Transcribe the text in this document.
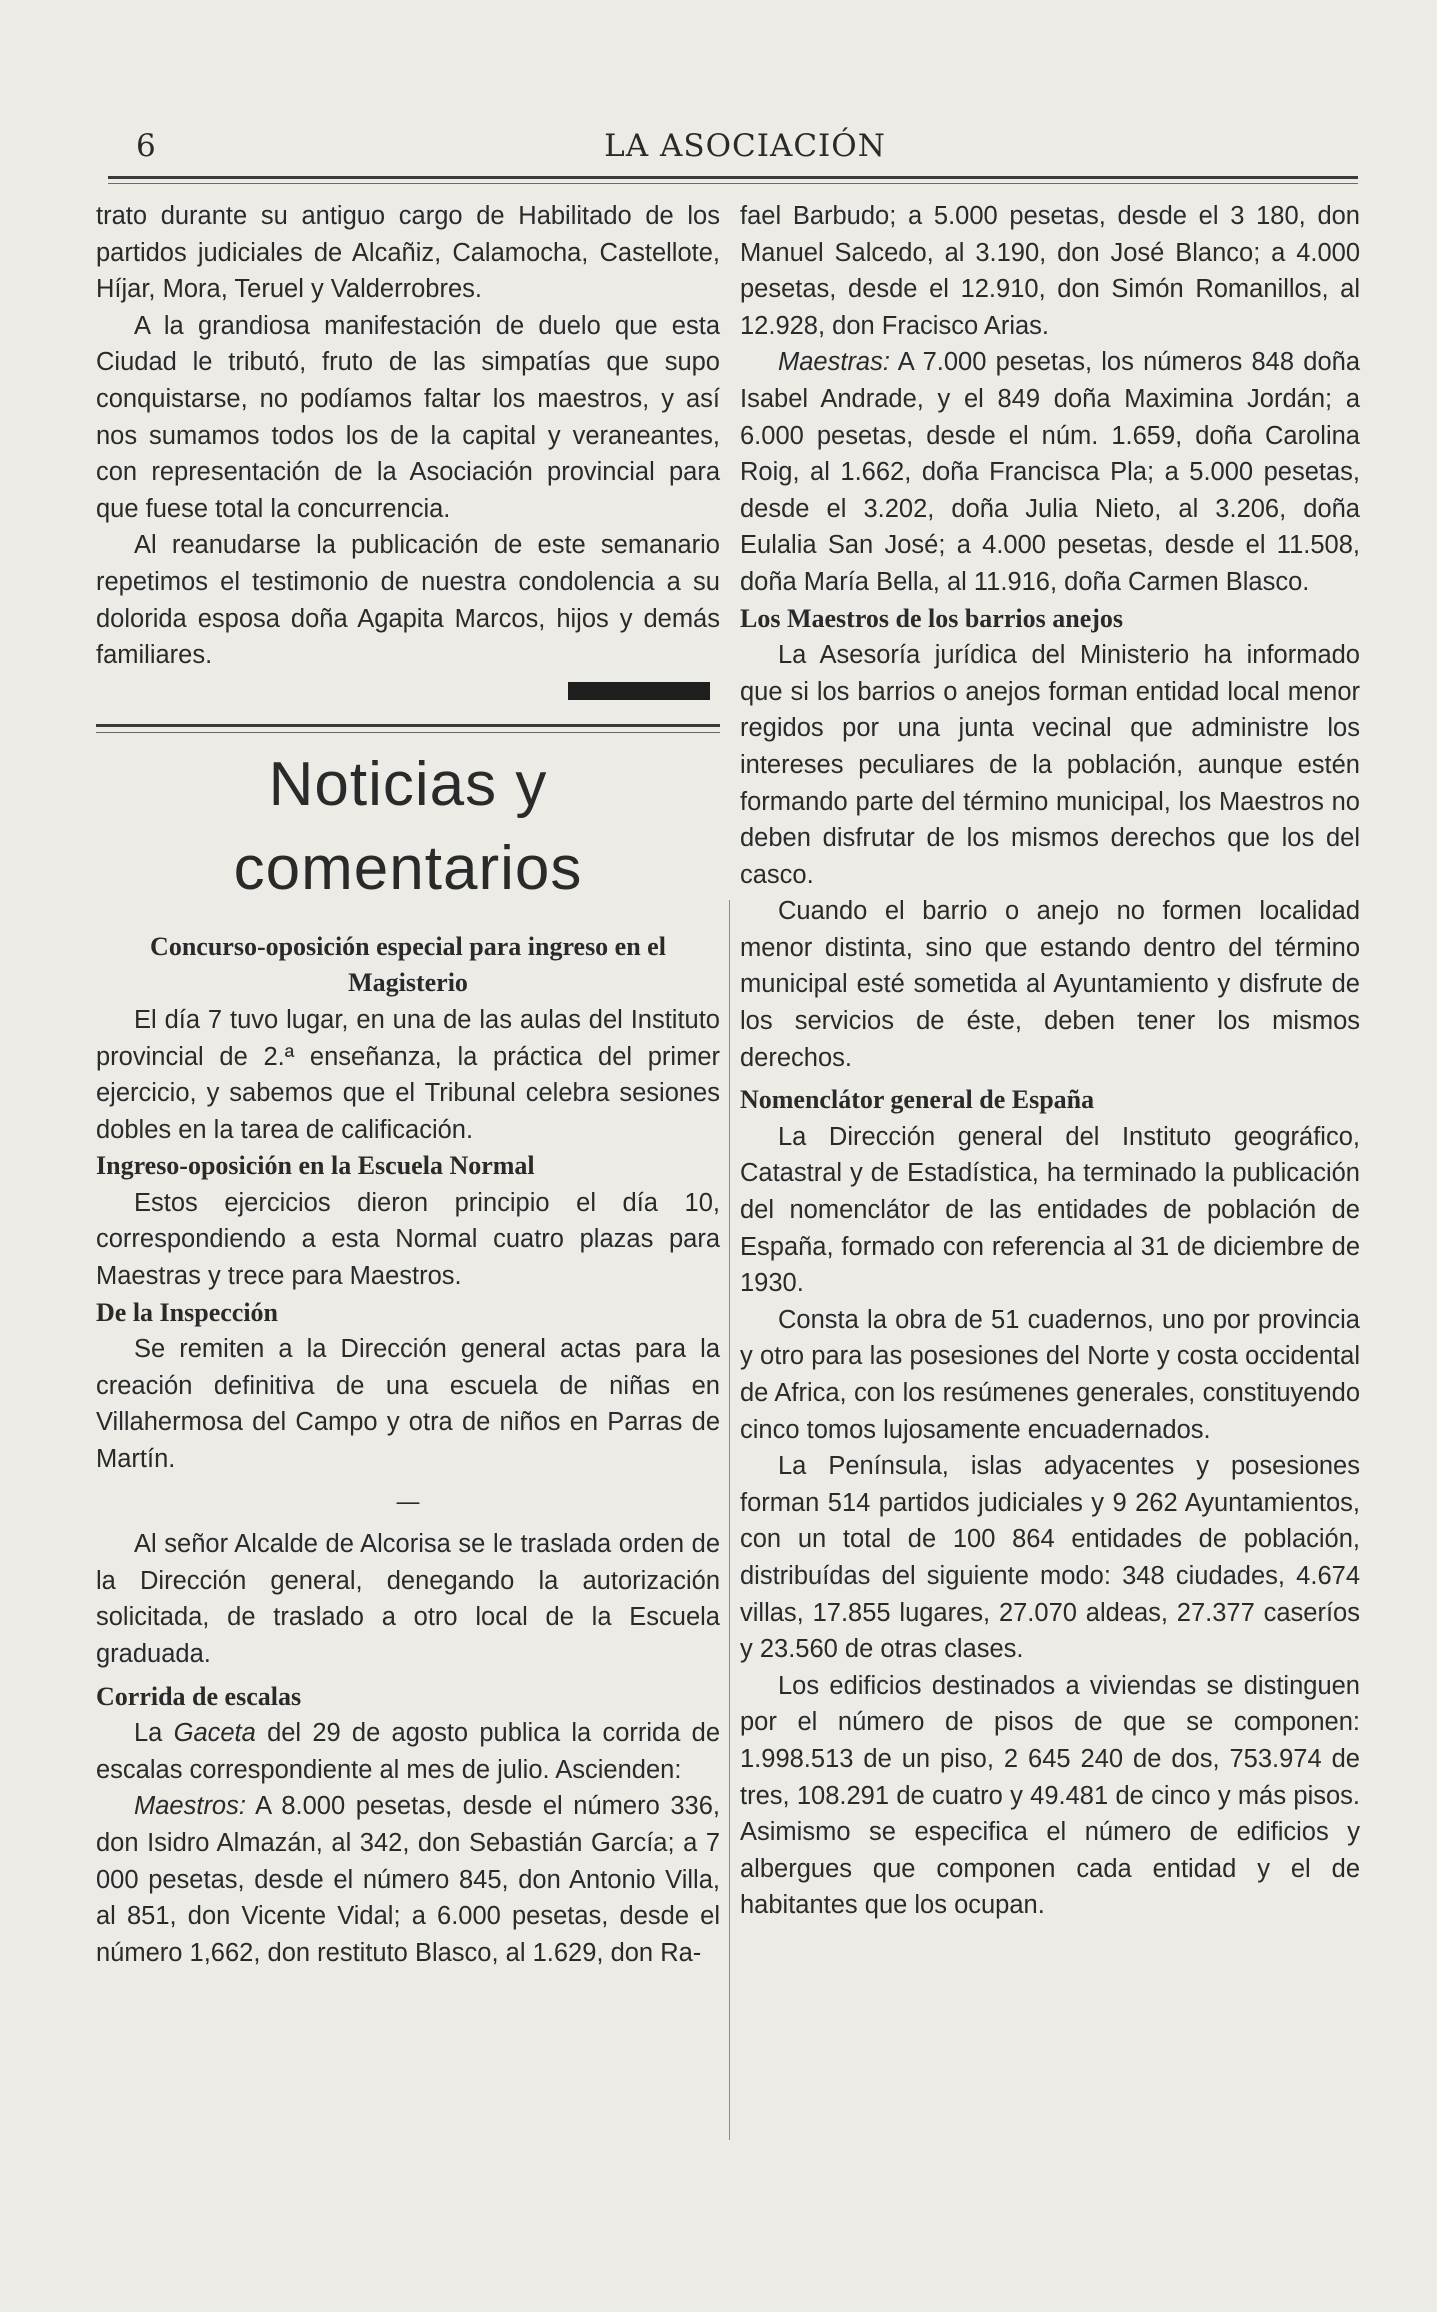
6	LA ASOCIACIÓN

trato durante su antiguo cargo de Habilitado de los partidos judiciales de Alcañiz, Calamocha, Castellote, Híjar, Mora, Teruel y Valderrobres.

A la grandiosa manifestación de duelo que esta Ciudad le tributó, fruto de las simpatías que supo conquistarse, no podíamos faltar los maestros, y así nos sumamos todos los de la capital y veraneantes, con representación de la Asociación provincial para que fuese total la concurrencia.

Al reanudarse la publicación de este semanario repetimos el testimonio de nuestra condolencia a su dolorida esposa doña Agapita Marcos, hijos y demás familiares.

Noticias y comentarios
Concurso-oposición especial para ingreso en el Magisterio

El día 7 tuvo lugar, en una de las aulas del Instituto provincial de 2.ª enseñanza, la práctica del primer ejercicio, y sabemos que el Tribunal celebra sesiones dobles en la tarea de calificación.

Ingreso-oposición en la Escuela Normal

Estos ejercicios dieron principio el día 10, correspondiendo a esta Normal cuatro plazas para Maestras y trece para Maestros.

De la Inspección

Se remiten a la Dirección general actas para la creación definitiva de una escuela de niñas en Villahermosa del Campo y otra de niños en Parras de Martín.

—

Al señor Alcalde de Alcorisa se le traslada orden de la Dirección general, denegando la autorización solicitada, de traslado a otro local de la Escuela graduada.

Corrida de escalas

La Gaceta del 29 de agosto publica la corrida de escalas correspondiente al mes de julio. Ascienden:

Maestros: A 8.000 pesetas, desde el número 336, don Isidro Almazán, al 342, don Sebastián García; a 7 000 pesetas, desde el número 845, don Antonio Villa, al 851, don Vicente Vidal; a 6.000 pesetas, desde el número 1,662, don restituto Blasco, al 1.629, don Ra-

fael Barbudo; a 5.000 pesetas, desde el 3 180, don Manuel Salcedo, al 3.190, don José Blanco; a 4.000 pesetas, desde el 12.910, don Simón Romanillos, al 12.928, don Fracisco Arias.

Maestras: A 7.000 pesetas, los números 848 doña Isabel Andrade, y el 849 doña Maximina Jordán; a 6.000 pesetas, desde el núm. 1.659, doña Carolina Roig, al 1.662, doña Francisca Pla; a 5.000 pesetas, desde el 3.202, doña Julia Nieto, al 3.206, doña Eulalia San José; a 4.000 pesetas, desde el 11.508, doña María Bella, al 11.916, doña Carmen Blasco.

Los Maestros de los barrios anejos

La Asesoría jurídica del Ministerio ha informado que si los barrios o anejos forman entidad local menor regidos por una junta vecinal que administre los intereses peculiares de la población, aunque estén formando parte del término municipal, los Maestros no deben disfrutar de los mismos derechos que los del casco.

Cuando el barrio o anejo no formen localidad menor distinta, sino que estando dentro del término municipal esté sometida al Ayuntamiento y disfrute de los servicios de éste, deben tener los mismos derechos.

Nomenclátor general de España

La Dirección general del Instituto geográfico, Catastral y de Estadística, ha terminado la publicación del nomenclátor de las entidades de población de España, formado con referencia al 31 de diciembre de 1930.

Consta la obra de 51 cuadernos, uno por provincia y otro para las posesiones del Norte y costa occidental de Africa, con los resúmenes generales, constituyendo cinco tomos lujosamente encuadernados.

La Península, islas adyacentes y posesiones forman 514 partidos judiciales y 9 262 Ayuntamientos, con un total de 100 864 entidades de población, distribuídas del siguiente modo: 348 ciudades, 4.674 villas, 17.855 lugares, 27.070 aldeas, 27.377 caseríos y 23.560 de otras clases.

Los edificios destinados a viviendas se distinguen por el número de pisos de que se componen: 1.998.513 de un piso, 2 645 240 de dos, 753.974 de tres, 108.291 de cuatro y 49.481 de cinco y más pisos. Asimismo se especifica el número de edificios y albergues que componen cada entidad y el de habitantes que los ocupan.
